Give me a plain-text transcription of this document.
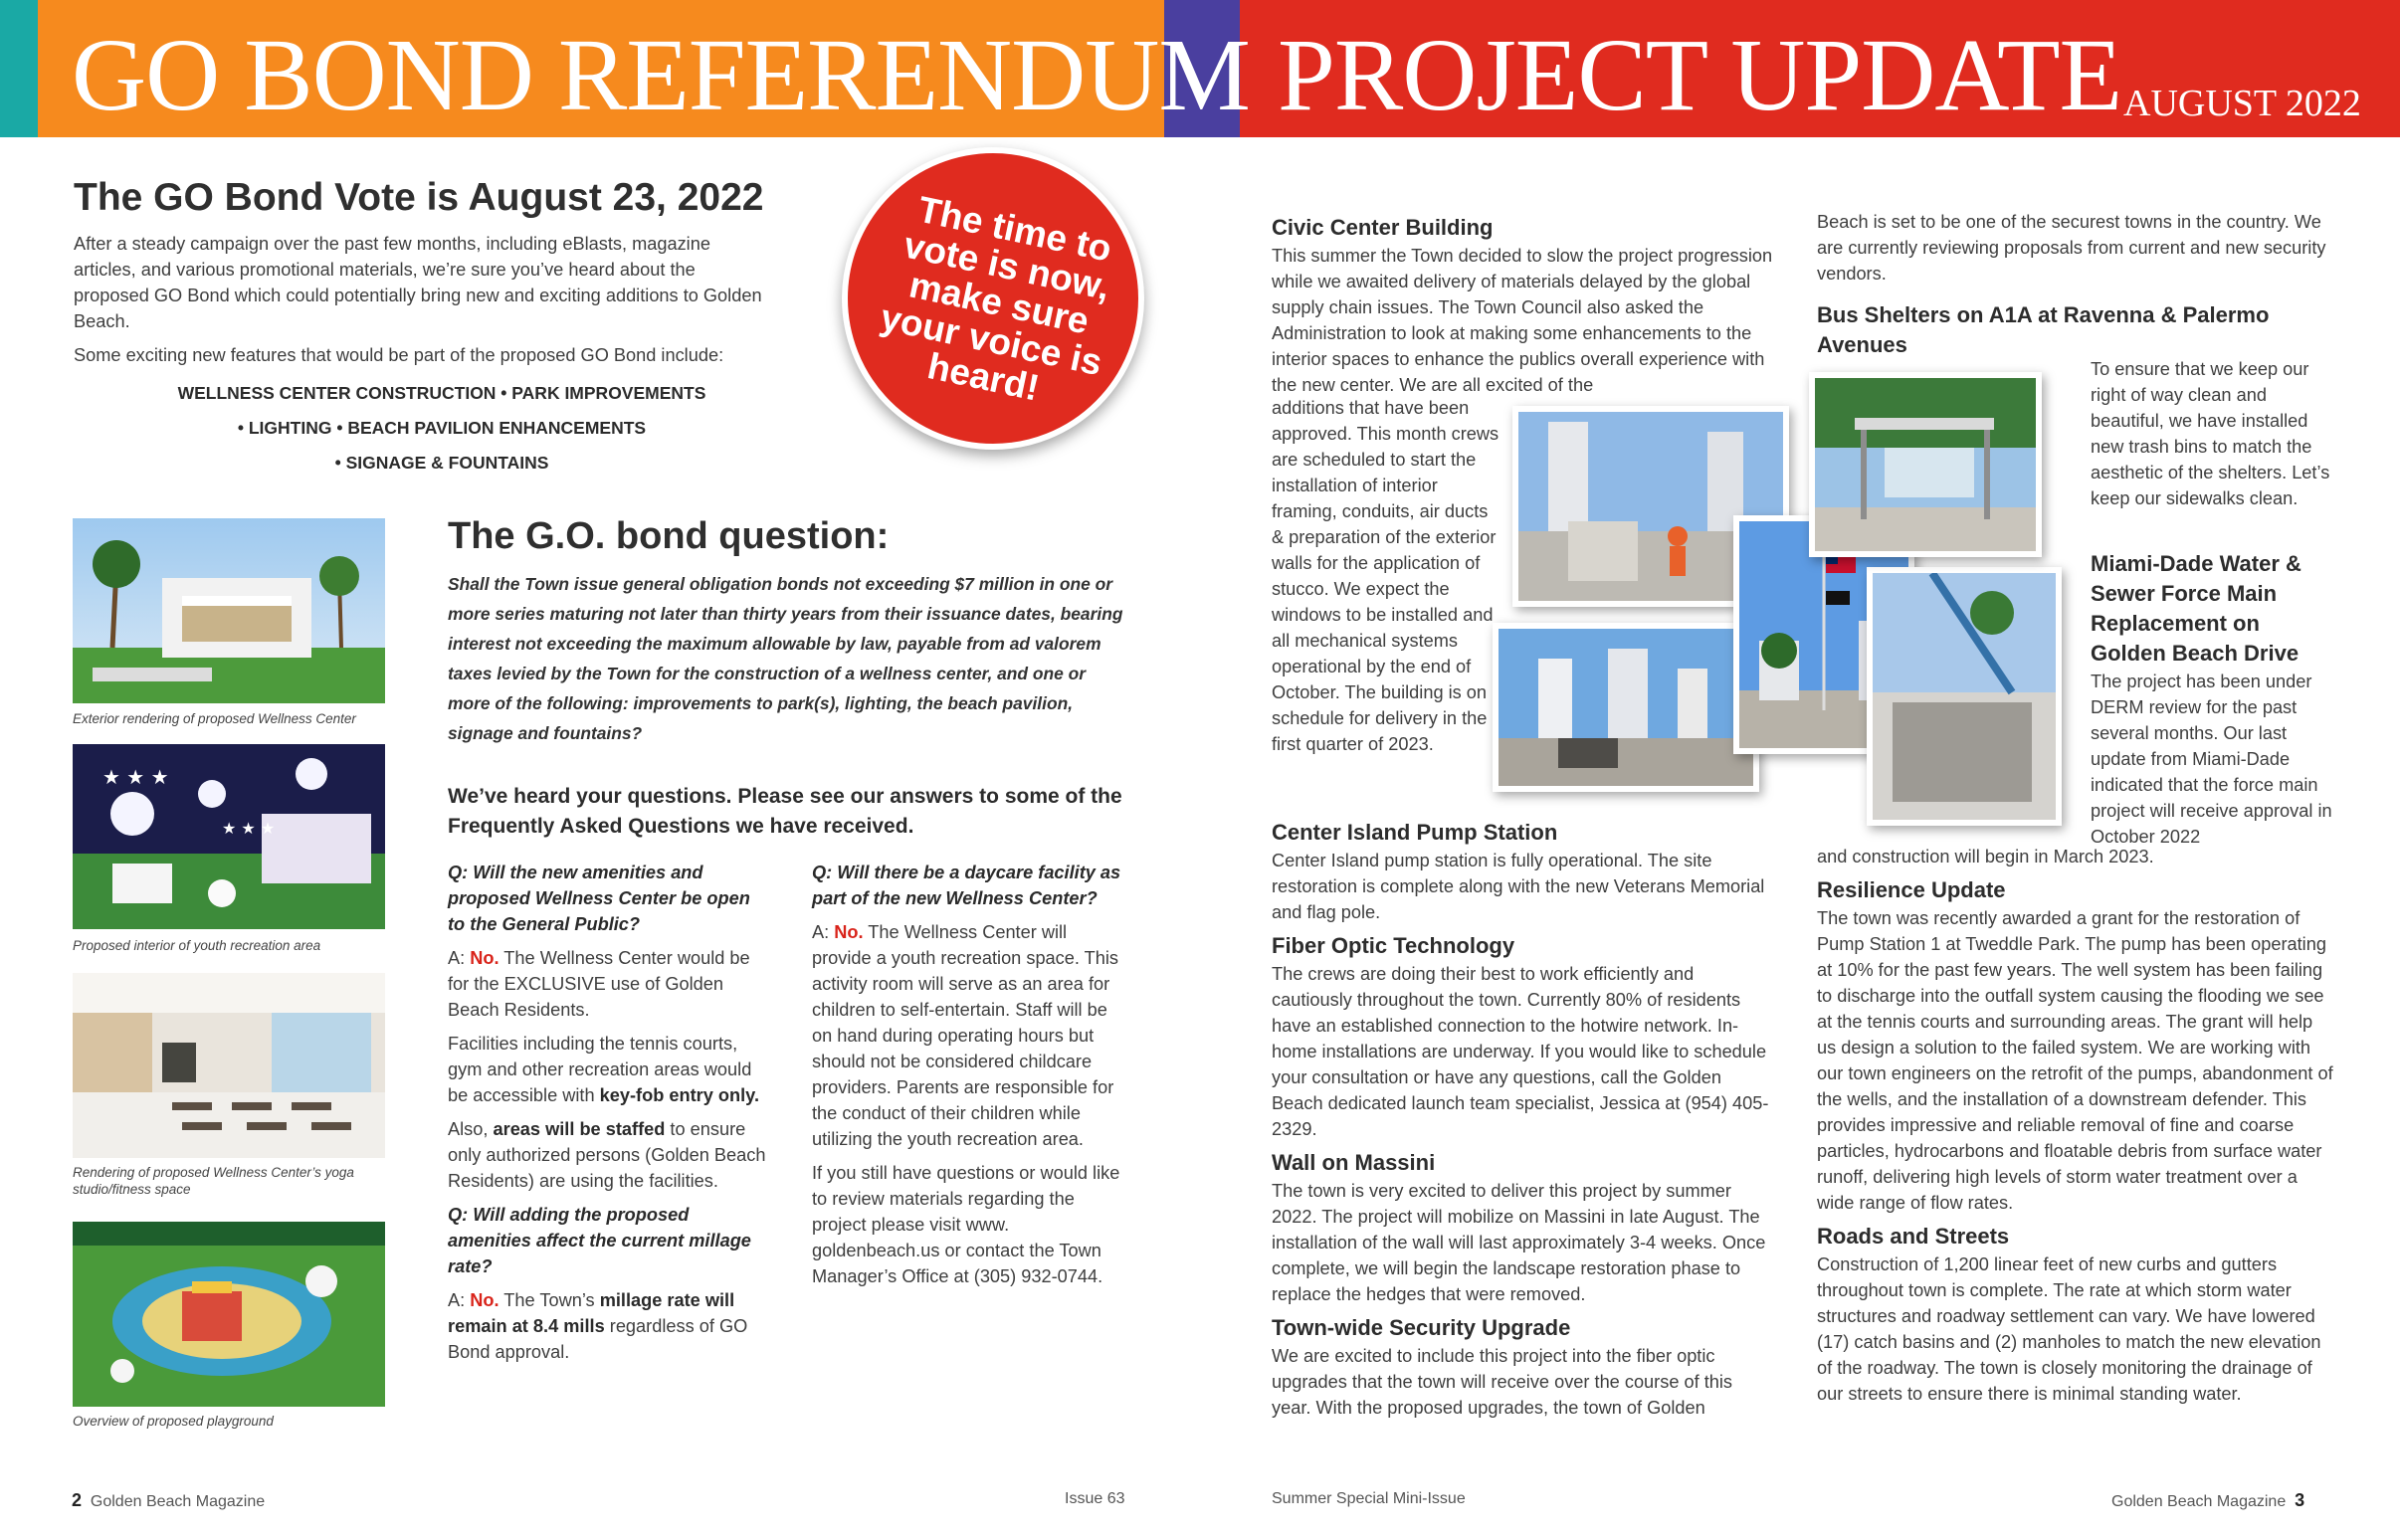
GO BOND REFERENDUM PROJECT UPDATE AUGUST 2022
The GO Bond Vote is August 23, 2022

After a steady campaign over the past few months, including eBlasts, magazine articles, and various promotional materials, we’re sure you’ve heard about the proposed GO Bond which could potentially bring new and exciting additions to Golden Beach.

Some exciting new features that would be part of the proposed GO Bond include:

WELLNESS CENTER CONSTRUCTION • PARK IMPROVEMENTS
• LIGHTING • BEACH PAVILION ENHANCEMENTS
• SIGNAGE & FOUNTAINS
The time to vote is now, make sure your voice is heard!
Exterior rendering of proposed Wellness Center
★ ★ ★
★ ★ ★
Proposed interior of youth recreation area
Rendering of proposed Wellness Center’s yoga studio/fitness space
Overview of proposed playground
The G.O. bond question:
Shall the Town issue general obligation bonds not exceeding $7 million in one or more series maturing not later than thirty years from their issuance dates, bearing interest not exceeding the maximum allowable by law, payable from ad valorem taxes levied by the Town for the construction of a wellness center, and one or more of the following: improvements to park(s), lighting, the beach pavilion, signage and fountains?
We’ve heard your questions. Please see our answers to some of the Frequently Asked Questions we have received.

Q: Will the new amenities and proposed Wellness Center be open to the General Public?

A: No. The Wellness Center would be for the EXCLUSIVE use of Golden Beach Residents.

Facilities including the tennis courts, gym and other recreation areas would be accessible with key-fob entry only.

Also, areas will be staffed to ensure only authorized persons (Golden Beach Residents) are using the facilities.

Q: Will adding the proposed amenities affect the current millage rate?

A: No. The Town’s millage rate will remain at 8.4 mills regardless of GO Bond approval.

Q: Will there be a daycare facility as part of the new Wellness Center?

A: No. The Wellness Center will provide a youth recreation space. This activity room will serve as an area for children to self-entertain. Staff will be on hand during operating hours but should not be considered childcare providers. Parents are responsible for the conduct of their children while utilizing the youth recreation area.

If you still have questions or would like to review materials regarding the project please visit www. goldenbeach.us or contact the Town Manager’s Office at (305) 932-0744.

Civic Center Building
This summer the Town decided to slow the project progression while we awaited delivery of materials delayed by the global supply chain issues. The Town Council also asked the Administration to look at making some enhancements to the interior spaces to enhance the publics overall experience with the new center. We are all excited of the
additions that have been approved. This month crews are scheduled to start the installation of interior framing, conduits, air ducts & preparation of the exterior walls for the application of stucco. We expect the windows to be installed and all mechanical systems operational by the end of October. The building is on schedule for delivery in the first quarter of 2023.
Center Island Pump Station
Center Island pump station is fully operational. The site restoration is complete along with the new Veterans Memorial and flag pole.
Fiber Optic Technology
The crews are doing their best to work efficiently and cautiously throughout the town. Currently 80% of residents have an established connection to the hotwire network. In-home installations are underway. If you would like to schedule your consultation or have any questions, call the Golden Beach dedicated launch team specialist, Jessica at (954) 405-2329.
Wall on Massini
The town is very excited to deliver this project by summer 2022. The project will mobilize on Massini in late August. The installation of the wall will last approximately 3-4 weeks. Once complete, we will begin the landscape restoration phase to replace the hedges that were removed.
Town-wide Security Upgrade
We are excited to include this project into the fiber optic upgrades that the town will receive over the course of this year. With the proposed upgrades, the town of Golden
Beach is set to be one of the securest towns in the country. We are currently reviewing proposals from current and new security vendors.
Bus Shelters on A1A at Ravenna & Palermo Avenues
To ensure that we keep our right of way clean and beautiful, we have installed new trash bins to match the aesthetic of the shelters. Let’s keep our sidewalks clean.
Miami-Dade Water & Sewer Force Main Replacement on Golden Beach Drive
The project has been under DERM review for the past several months. Our last update from Miami-Dade indicated that the force main project will receive approval in October 2022
and construction will begin in March 2023.
Resilience Update
The town was recently awarded a grant for the restoration of Pump Station 1 at Tweddle Park. The pump has been operating at 10% for the past few years. The well system has been failing to discharge into the outfall system causing the flooding we see at the tennis courts and surrounding areas. The grant will help us design a solution to the failed system. We are working with our town engineers on the retrofit of the pumps, abandonment of the wells, and the installation of a downstream defender. This provides impressive and reliable removal of fine and coarse particles, hydrocarbons and floatable debris from surface water runoff, delivering high levels of storm water treatment over a wide range of flow rates.
Roads and Streets
Construction of 1,200 linear feet of new curbs and gutters throughout town is complete. The rate at which storm water structures and roadway settlement can vary. We have lowered (17) catch basins and (2) manholes to match the new elevation of the roadway. The town is closely monitoring the drainage of our streets to ensure there is minimal standing water.
2 Golden Beach Magazine	Issue 63	Summer Special Mini-Issue	Golden Beach Magazine 3
